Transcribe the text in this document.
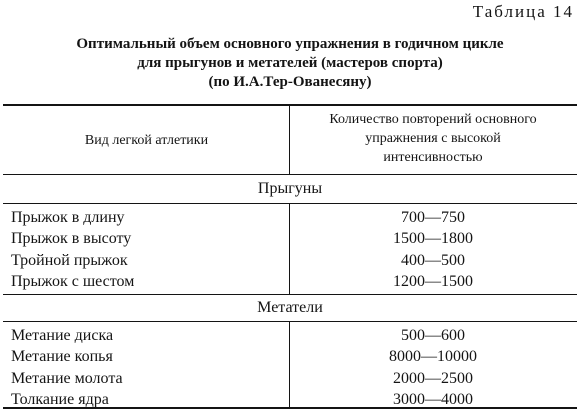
Таблица 14
Оптимальный объем основного упражнения в годичном цикле
для прыгунов и метателей (мастеров спорта)
(по И.А.Тер-Ованесяну)
Вид легкой атлетики
Количество повторений основного
упражнения с высокой
интенсивностью
Прыгуны
Прыжок в длину
Прыжок в высоту
Тройной прыжок
Прыжок с шестом
700—750
1500—1800
400—500
1200—1500
Метатели
Метание диска
Метание копья
Метание молота
Толкание ядра
500—600
8000—10000
2000—2500
3000—4000
